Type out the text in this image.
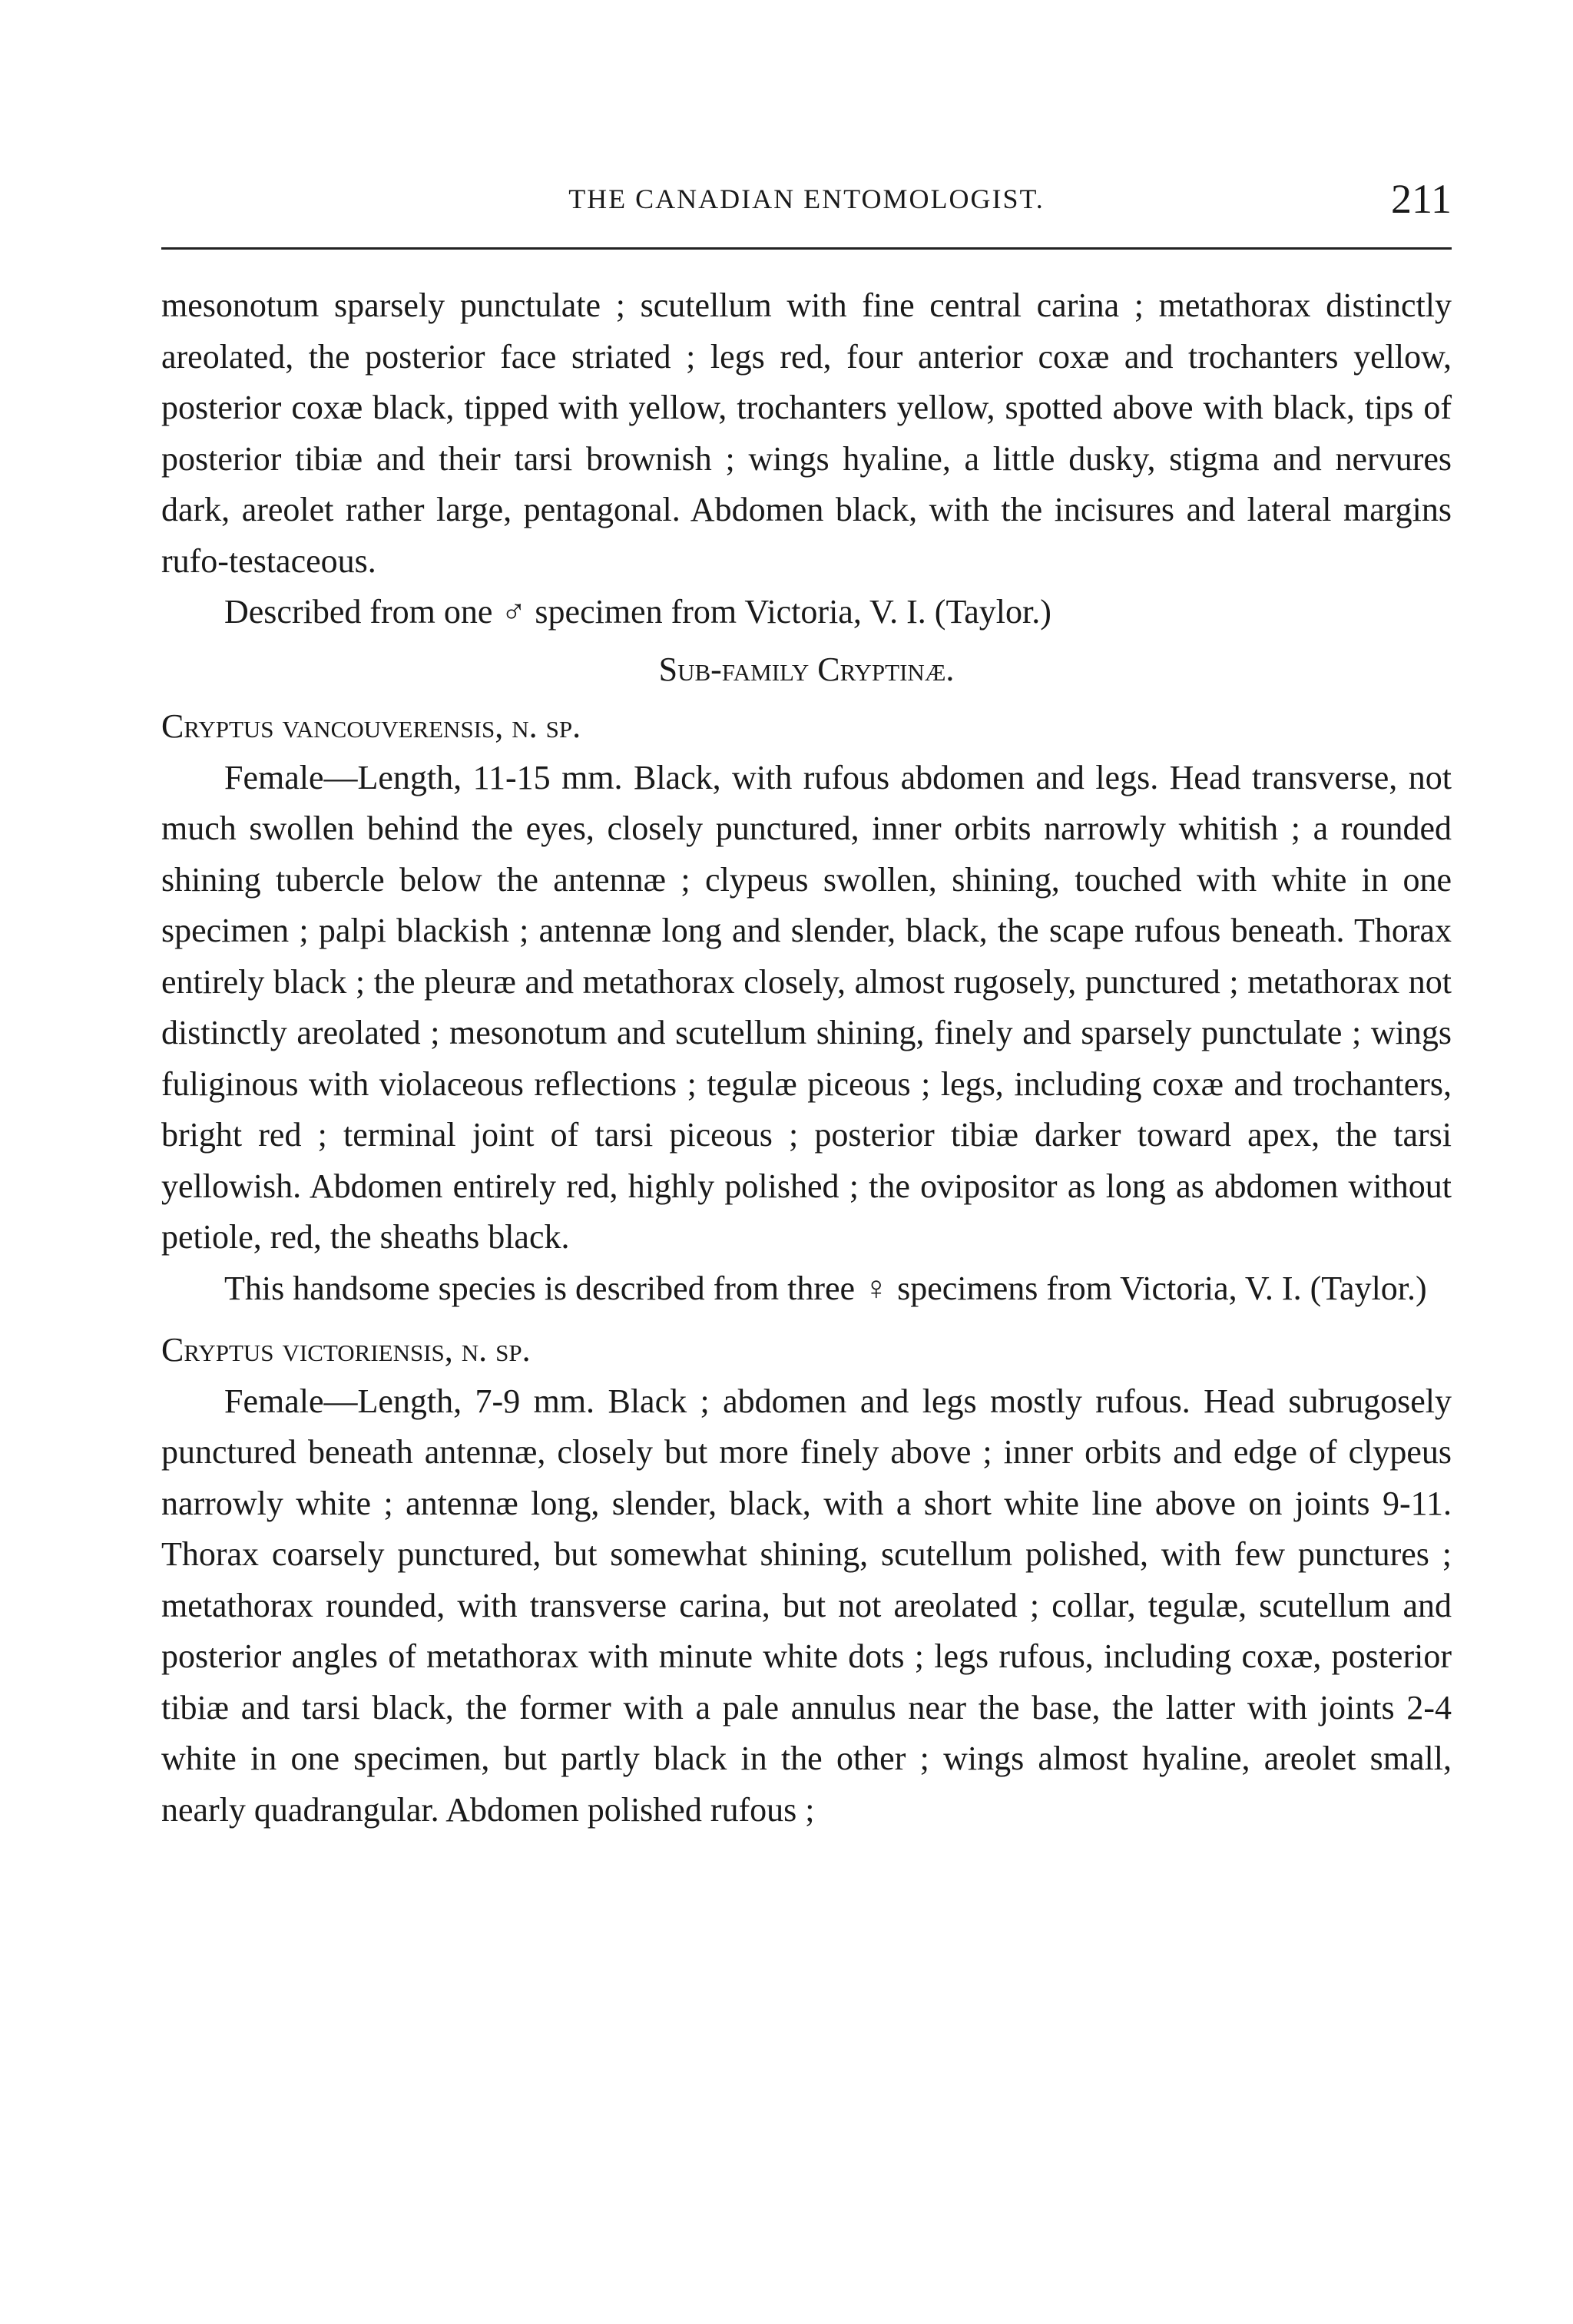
THE CANADIAN ENTOMOLOGIST.	211

mesonotum sparsely punctulate ; scutellum with fine central carina ; metathorax distinctly areolated, the posterior face striated ; legs red, four anterior coxæ and trochanters yellow, posterior coxæ black, tipped with yellow, trochanters yellow, spotted above with black, tips of posterior tibiæ and their tarsi brownish ; wings hyaline, a little dusky, stigma and nervures dark, areolet rather large, pentagonal. Abdomen black, with the incisures and lateral margins rufo-testaceous.

Described from one ♂ specimen from Victoria, V. I. (Taylor.)

Sub-family Cryptinæ.

Cryptus vancouverensis, n. sp.

Female—Length, 11-15 mm. Black, with rufous abdomen and legs. Head transverse, not much swollen behind the eyes, closely punctured, inner orbits narrowly whitish ; a rounded shining tubercle below the antennæ ; clypeus swollen, shining, touched with white in one specimen ; palpi blackish ; antennæ long and slender, black, the scape rufous beneath. Thorax entirely black ; the pleuræ and metathorax closely, almost rugosely, punctured ; metathorax not distinctly areolated ; mesonotum and scutellum shining, finely and sparsely punctulate ; wings fuliginous with violaceous reflections ; tegulæ piceous ; legs, including coxæ and trochanters, bright red ; terminal joint of tarsi piceous ; posterior tibiæ darker toward apex, the tarsi yellowish. Abdomen entirely red, highly polished ; the ovipositor as long as abdomen without petiole, red, the sheaths black.

This handsome species is described from three ♀ specimens from Victoria, V. I. (Taylor.)

Cryptus victoriensis, n. sp.

Female—Length, 7-9 mm. Black ; abdomen and legs mostly rufous. Head subrugosely punctured beneath antennæ, closely but more finely above ; inner orbits and edge of clypeus narrowly white ; antennæ long, slender, black, with a short white line above on joints 9-11. Thorax coarsely punctured, but somewhat shining, scutellum polished, with few punctures ; metathorax rounded, with transverse carina, but not areolated ; collar, tegulæ, scutellum and posterior angles of metathorax with minute white dots ; legs rufous, including coxæ, posterior tibiæ and tarsi black, the former with a pale annulus near the base, the latter with joints 2-4 white in one specimen, but partly black in the other ; wings almost hyaline, areolet small, nearly quadrangular. Abdomen polished rufous ;
